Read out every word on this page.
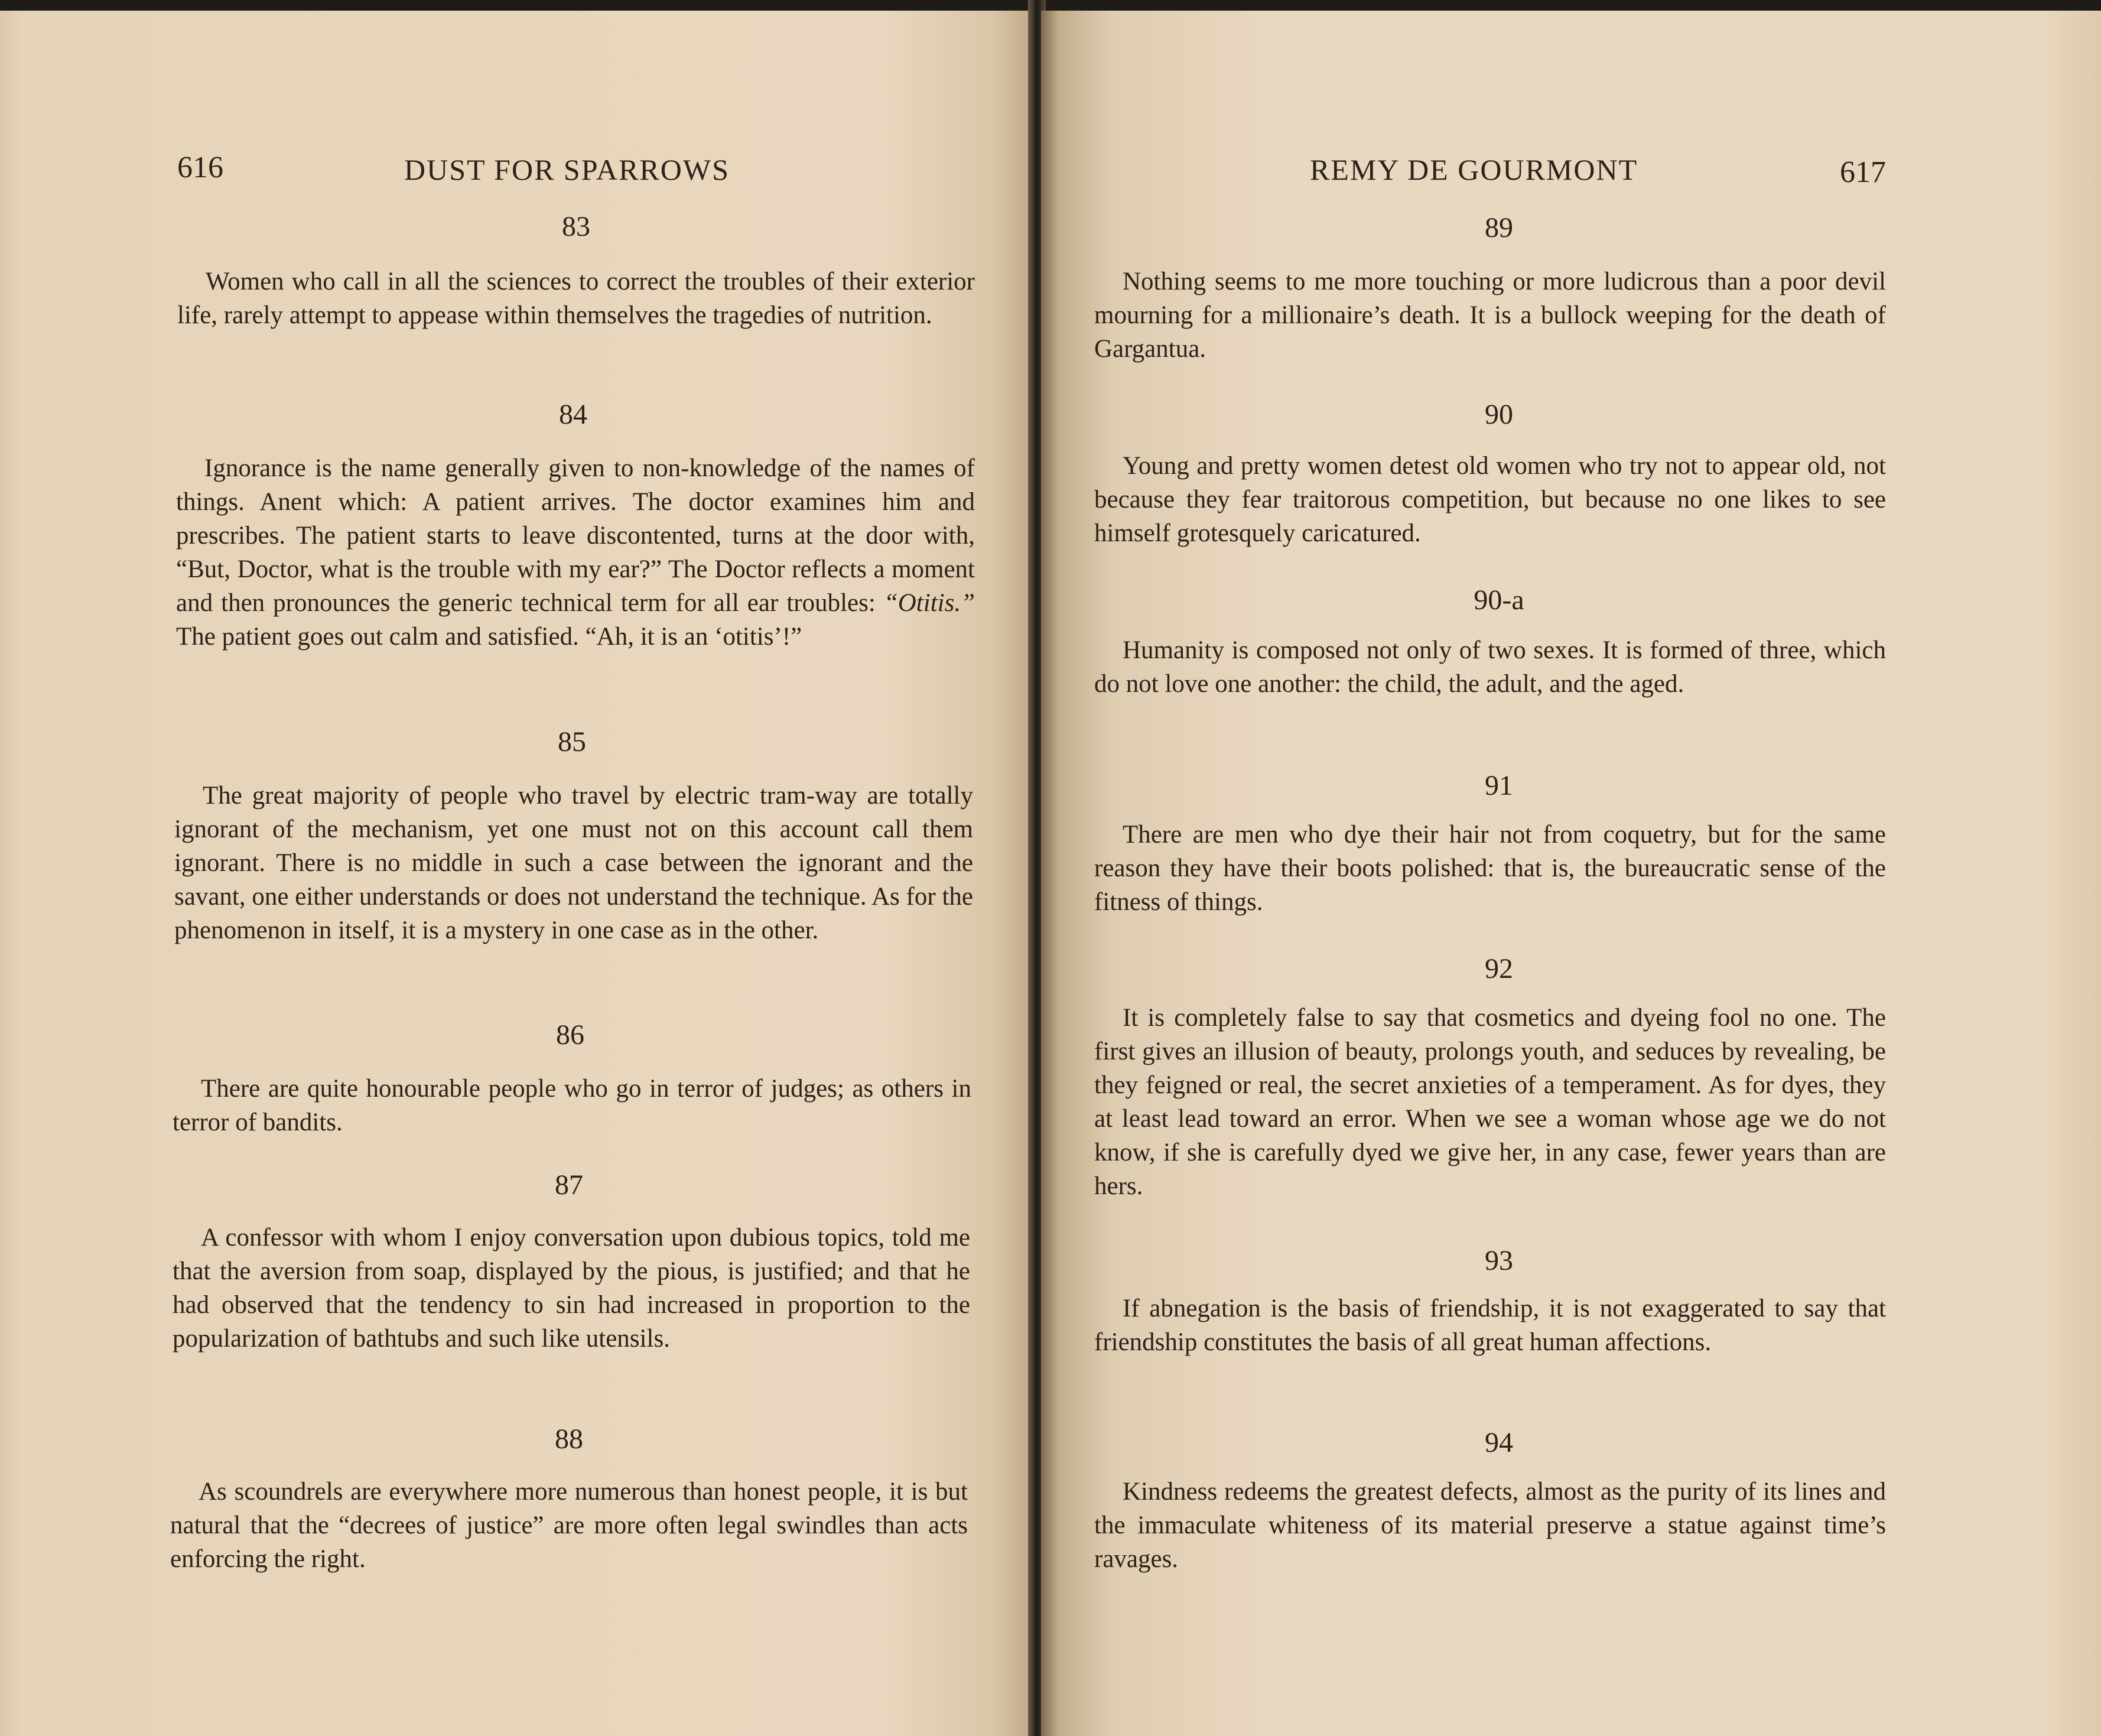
616	DUST FOR SPARROWS
83
Women who call in all the sciences to correct the troubles of their exterior life, rarely attempt to appease within themselves the tragedies of nutrition.
84
Ignorance is the name generally given to non-knowledge of the names of things. Anent which: A patient arrives. The doctor examines him and prescribes. The patient starts to leave discontented, turns at the door with, “But, Doctor, what is the trouble with my ear?” The Doctor reflects a moment and then pronounces the generic technical term for all ear troubles: “Otitis.” The patient goes out calm and satisfied. “Ah, it is an ‘otitis’!”
85
The great majority of people who travel by electric tram-way are totally ignorant of the mechanism, yet one must not on this account call them ignorant. There is no middle in such a case between the ignorant and the savant, one either understands or does not understand the technique. As for the phenomenon in itself, it is a mystery in one case as in the other.
86
There are quite honourable people who go in terror of judges; as others in terror of bandits.
87
A confessor with whom I enjoy conversation upon dubious topics, told me that the aversion from soap, displayed by the pious, is justified; and that he had observed that the tendency to sin had increased in proportion to the popularization of bathtubs and such like utensils.
88
As scoundrels are everywhere more numerous than honest people, it is but natural that the “decrees of justice” are more often legal swindles than acts enforcing the right.
REMY DE GOURMONT	617
89
Nothing seems to me more touching or more ludicrous than a poor devil mourning for a millionaire’s death. It is a bullock weeping for the death of Gargantua.
90
Young and pretty women detest old women who try not to appear old, not because they fear traitorous competition, but because no one likes to see himself grotesquely caricatured.
90-a
Humanity is composed not only of two sexes. It is formed of three, which do not love one another: the child, the adult, and the aged.
91
There are men who dye their hair not from coquetry, but for the same reason they have their boots polished: that is, the bureaucratic sense of the fitness of things.
92
It is completely false to say that cosmetics and dyeing fool no one. The first gives an illusion of beauty, prolongs youth, and seduces by revealing, be they feigned or real, the secret anxieties of a temperament. As for dyes, they at least lead toward an error. When we see a woman whose age we do not know, if she is carefully dyed we give her, in any case, fewer years than are hers.
93
If abnegation is the basis of friendship, it is not exaggerated to say that friendship constitutes the basis of all great human affections.
94
Kindness redeems the greatest defects, almost as the purity of its lines and the immaculate whiteness of its material preserve a statue against time’s ravages.
